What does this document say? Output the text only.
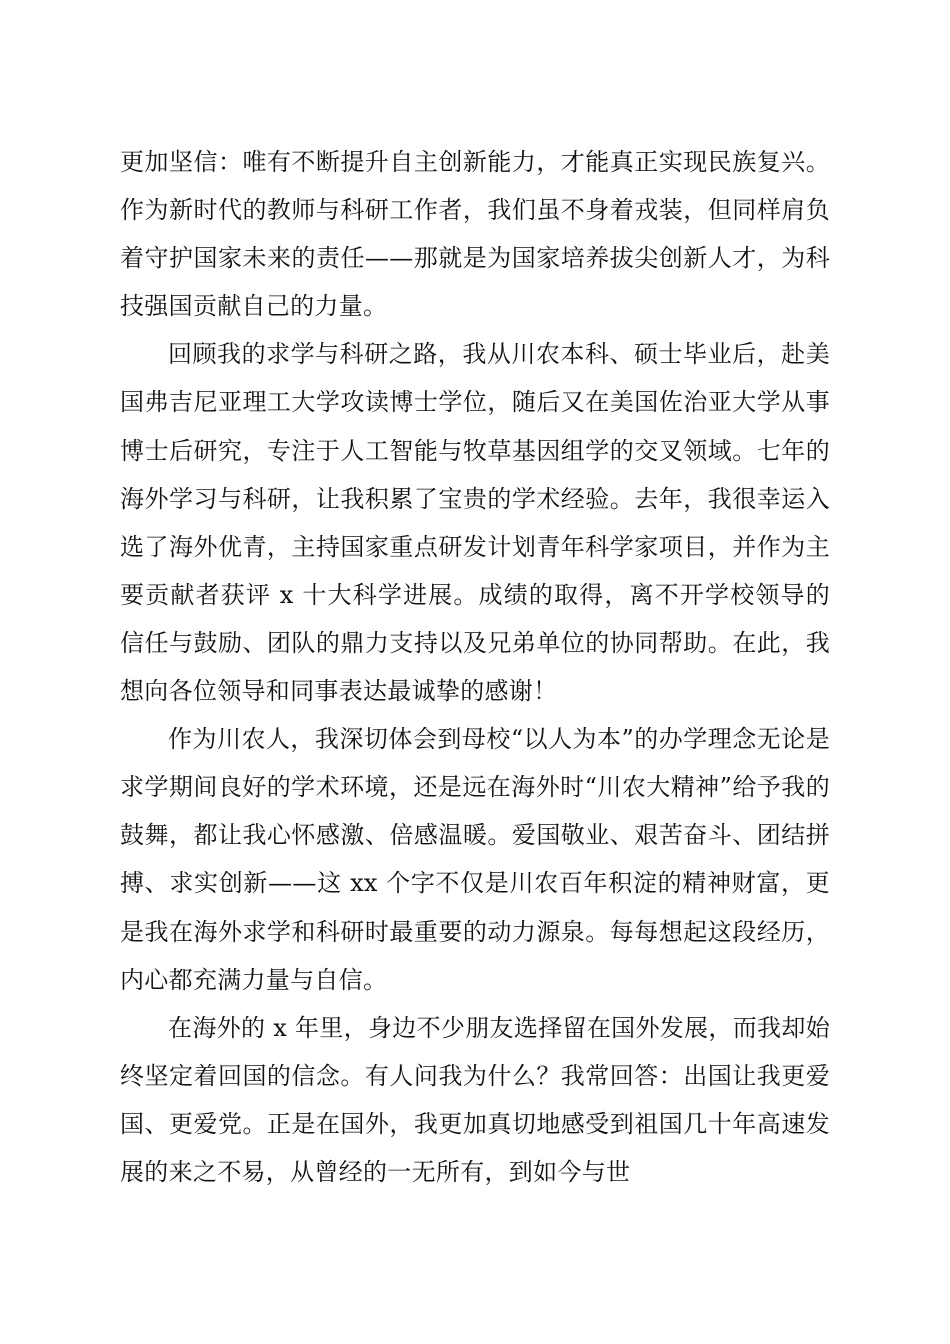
更加坚信：唯有不断提升自主创新能力，才能真正实现民族复兴。作为新时代的教师与科研工作者，我们虽不身着戎装，但同样肩负着守护国家未来的责任——那就是为国家培养拔尖创新人才，为科技强国贡献自己的力量。

回顾我的求学与科研之路，我从川农本科、硕士毕业后，赴美国弗吉尼亚理工大学攻读博士学位，随后又在美国佐治亚大学从事博士后研究，专注于人工智能与牧草基因组学的交叉领域。七年的海外学习与科研，让我积累了宝贵的学术经验。去年，我很幸运入选了海外优青，主持国家重点研发计划青年科学家项目，并作为主要贡献者获评 x 十大科学进展。成绩的取得，离不开学校领导的信任与鼓励、团队的鼎力支持以及兄弟单位的协同帮助。在此，我想向各位领导和同事表达最诚挚的感谢！

作为川农人，我深切体会到母校“以人为本”的办学理念无论是求学期间良好的学术环境，还是远在海外时“川农大精神”给予我的鼓舞，都让我心怀感激、倍感温暖。爱国敬业、艰苦奋斗、团结拼搏、求实创新——这 xx 个字不仅是川农百年积淀的精神财富，更是我在海外求学和科研时最重要的动力源泉。每每想起这段经历，内心都充满力量与自信。

在海外的 x 年里，身边不少朋友选择留在国外发展，而我却始终坚定着回国的信念。有人问我为什么？我常回答：出国让我更爱国、更爱党。正是在国外，我更加真切地感受到祖国几十年高速发展的来之不易，从曾经的一无所有，到如今与世
